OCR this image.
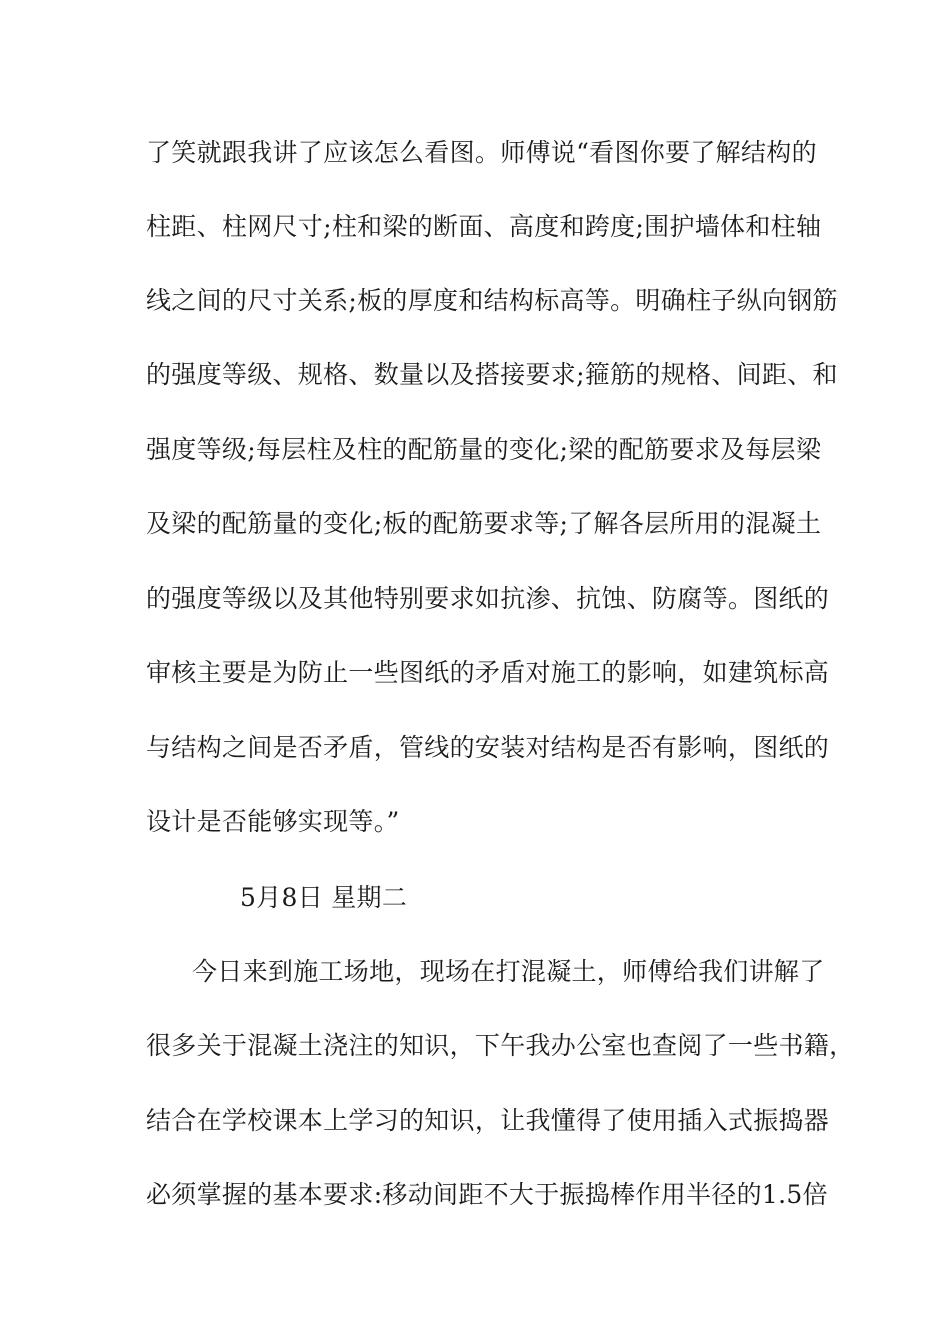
了笑就跟我讲了应该怎么看图。师傅说“看图你要了解结构的
柱距、柱网尺寸;柱和梁的断面、高度和跨度;围护墙体和柱轴
线之间的尺寸关系;板的厚度和结构标高等。明确柱子纵向钢筋
的强度等级、规格、数量以及搭接要求;箍筋的规格、间距、和
强度等级;每层柱及柱的配筋量的变化;梁的配筋要求及每层梁
及梁的配筋量的变化;板的配筋要求等;了解各层所用的混凝土
的强度等级以及其他特别要求如抗渗、抗蚀、防腐等。图纸的
审核主要是为防止一些图纸的矛盾对施工的影响，如建筑标高
与结构之间是否矛盾，管线的安装对结构是否有影响，图纸的
设计是否能够实现等。”
5月8日 星期二
今日来到施工场地，现场在打混凝土，师傅给我们讲解了
很多关于混凝土浇注的知识，下午我办公室也查阅了一些书籍，
结合在学校课本上学习的知识，让我懂得了使用插入式振捣器
必须掌握的基本要求:移动间距不大于振捣棒作用半径的1.5倍
